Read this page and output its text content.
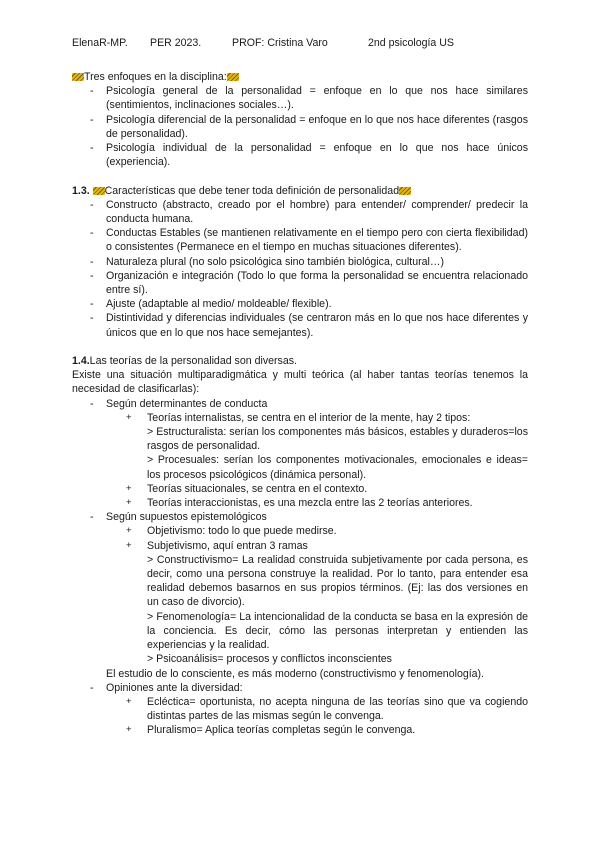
ElenaR-MP. PER 2023.	PROF: Cristina Varo	2nd psicología US

Tres enfoques en la disciplina:

- Psicología general de la personalidad = enfoque en lo que nos hace similares (sentimientos, inclinaciones sociales…).
- Psicología diferencial de la personalidad = enfoque en lo que nos hace diferentes (rasgos de personalidad).
- Psicología individual de la personalidad = enfoque en lo que nos hace únicos (experiencia).

1.3. Características que debe tener toda definición de personalidad

- Constructo (abstracto, creado por el hombre) para entender/ comprender/ predecir la conducta humana.
- Conductas Estables (se mantienen relativamente en el tiempo pero con cierta flexibilidad) o consistentes (Permanece en el tiempo en muchas situaciones diferentes).
- Naturaleza plural (no solo psicológica sino también biológica, cultural…)
- Organización e integración (Todo lo que forma la personalidad se encuentra relacionado entre sí).
- Ajuste (adaptable al medio/ moldeable/ flexible).
- Distintividad y diferencias individuales (se centraron más en lo que nos hace diferentes y únicos que en lo que nos hace semejantes).

1.4.Las teorías de la personalidad son diversas.

Existe una situación multiparadigmática y multi teórica (al haber tantas teorías tenemos la necesidad de clasificarlas):

- Según determinantes de conducta
+ Teorías internalistas, se centra en el interior de la mente, hay 2 tipos:
> Estructuralista: serían los componentes más básicos, estables y duraderos=los rasgos de personalidad.
> Procesuales: serían los componentes motivacionales, emocionales e ideas= los procesos psicológicos (dinámica personal).
+ Teorías situacionales, se centra en el contexto.
+ Teorías interaccionistas, es una mezcla entre las 2 teorías anteriores.
- Según supuestos epistemológicos
+ Objetivismo: todo lo que puede medirse.
+ Subjetivismo, aquí entran 3 ramas
> Constructivismo= La realidad construida subjetivamente por cada persona, es decir, como una persona construye la realidad. Por lo tanto, para entender esa realidad debemos basarnos en sus propios términos. (Ej: las dos versiones en un caso de divorcio).
> Fenomenología= La intencionalidad de la conducta se basa en la expresión de la conciencia. Es decir, cómo las personas interpretan y entienden las experiencias y la realidad.
> Psicoanálisis= procesos y conflictos inconscientes
El estudio de lo consciente, es más moderno (constructivismo y fenomenología).
- Opiniones ante la diversidad:
+ Ecléctica= oportunista, no acepta ninguna de las teorías sino que va cogiendo distintas partes de las mismas según le convenga.
+ Pluralismo= Aplica teorías completas según le convenga.
